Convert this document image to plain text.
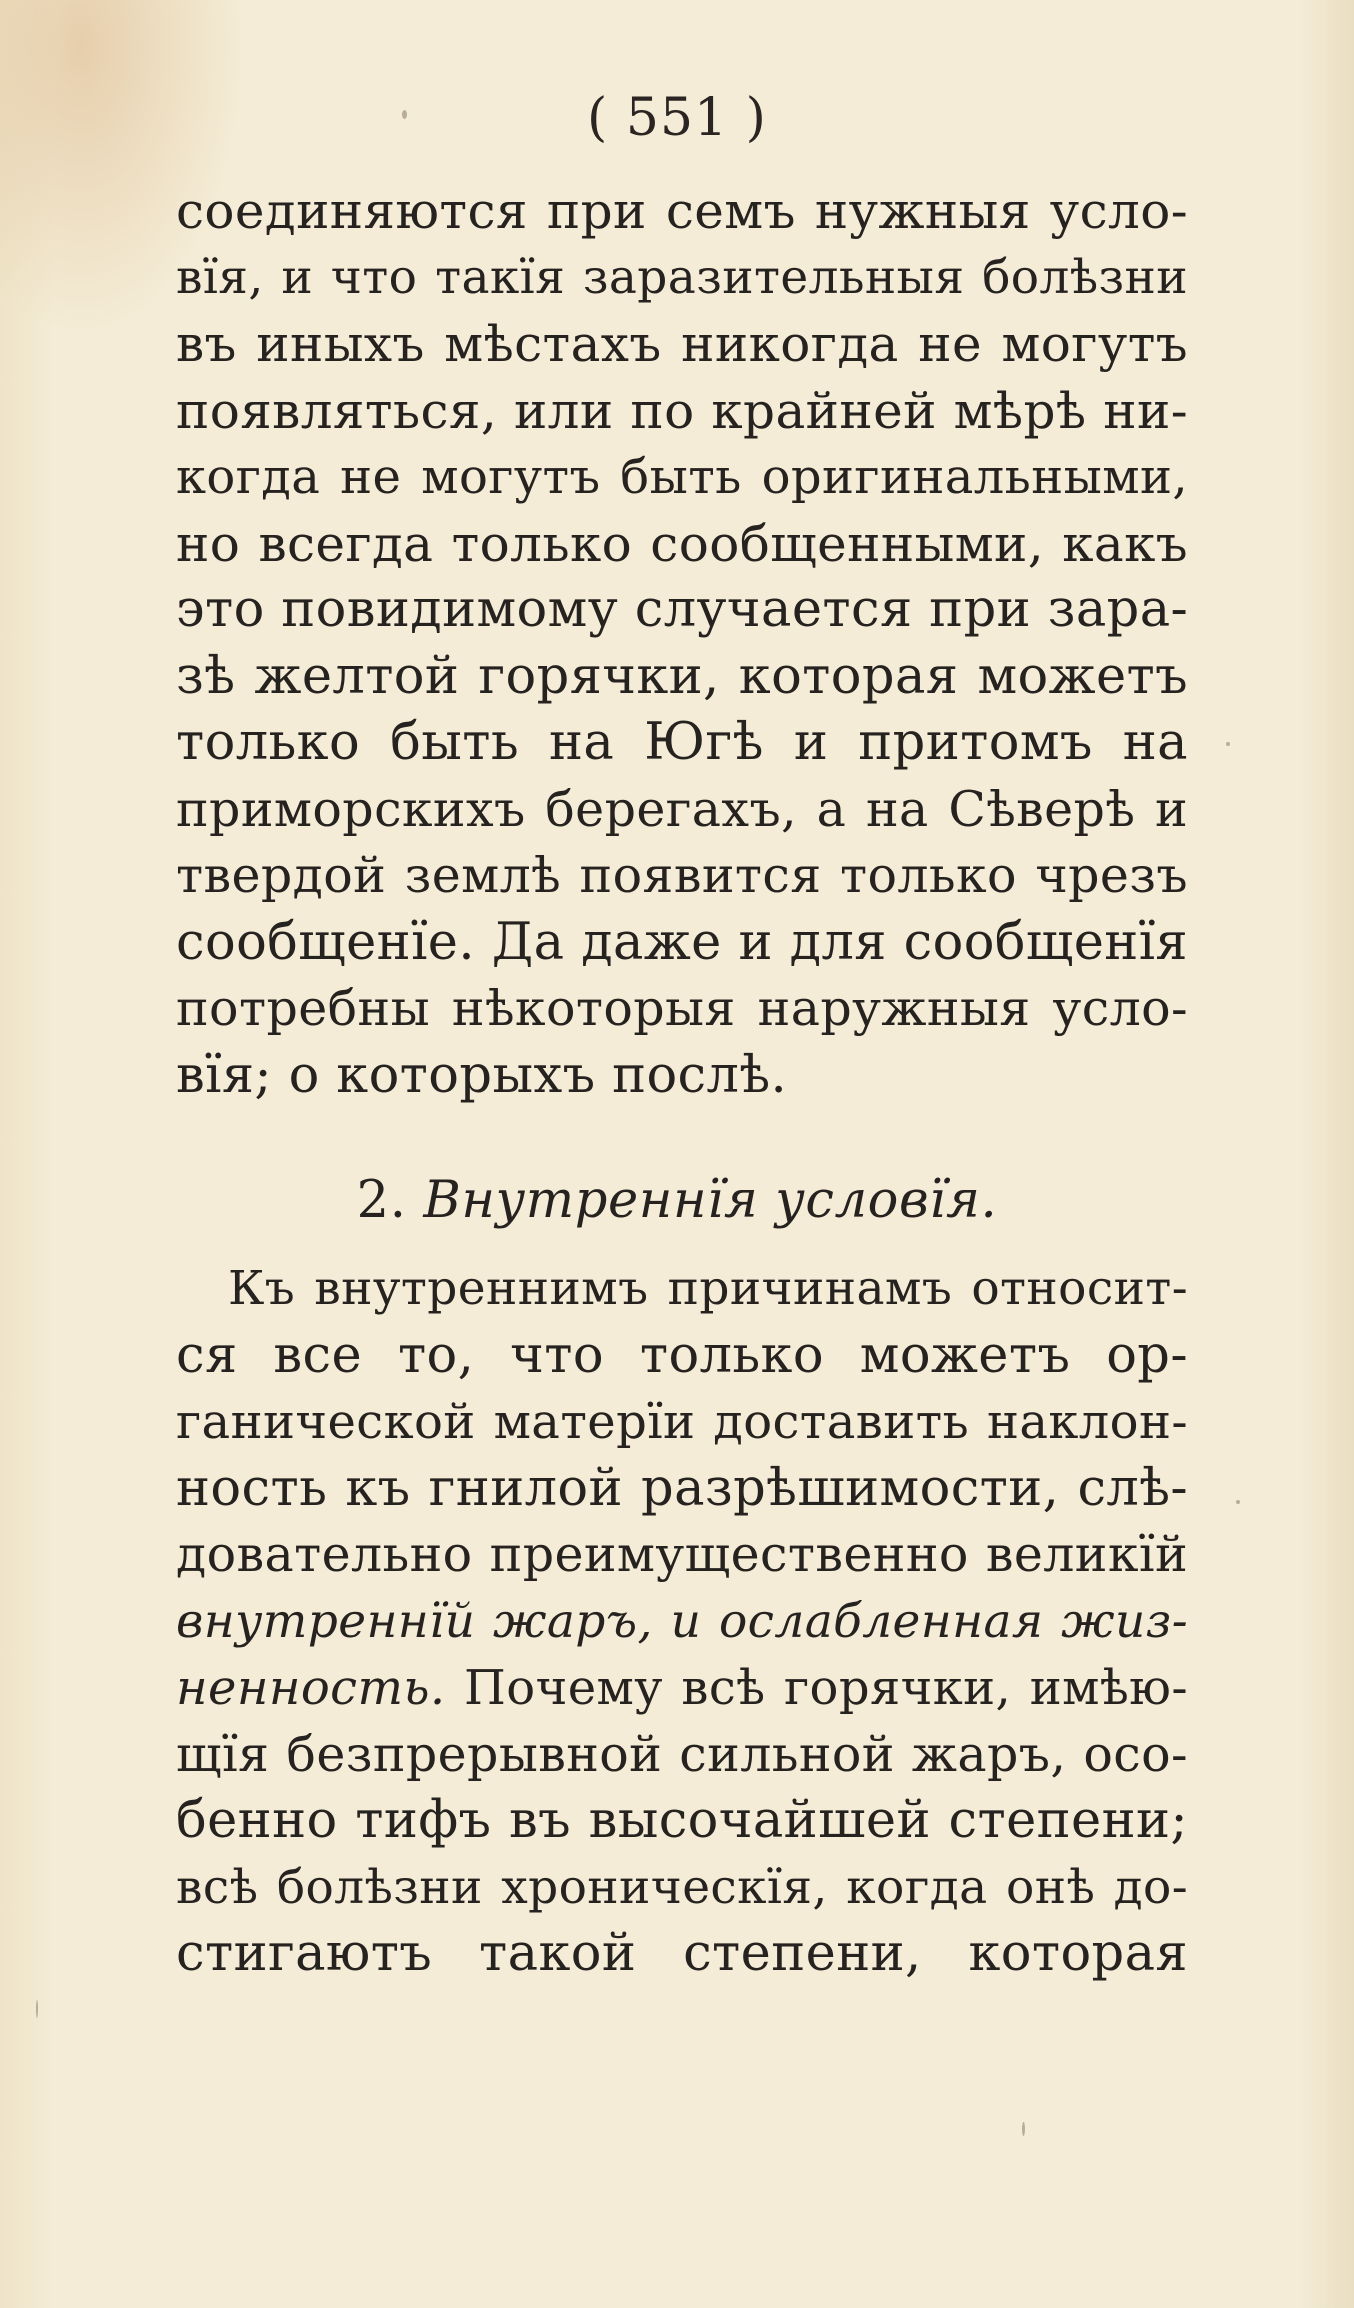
( 551 )
соединяются при семъ нужныя усло-
вїя, и что такїя заразительныя болѣзни
въ иныхъ мѣстахъ никогда не могутъ
появляться, или по крайней мѣрѣ ни-
когда не могутъ быть оригинальными,
но всегда только сообщенными, какъ
это повидимому случается при зара-
зѣ желтой горячки, которая можетъ
только быть на Югѣ и притомъ на
приморскихъ берегахъ, а на Сѣверѣ и
твердой землѣ появится только чрезъ
сообщенїе. Да даже и для сообщенїя
потребны нѣкоторыя наружныя усло-
вїя; о которыхъ послѣ.
2. Внутреннїя условїя.
Къ внутреннимъ причинамъ относит-
ся все то, что только можетъ ор-
ганической матерїи доставить наклон-
ность къ гнилой разрѣшимости, слѣ-
довательно преимущественно великїй
внутреннїй жаръ, и ослабленная жиз-
ненность. Почему всѣ горячки, имѣю-
щїя безпрерывной сильной жаръ, осо-
бенно тифъ въ высочайшей степени;
всѣ болѣзни хроническїя, когда онѣ до-
стигаютъ такой степени, которая
